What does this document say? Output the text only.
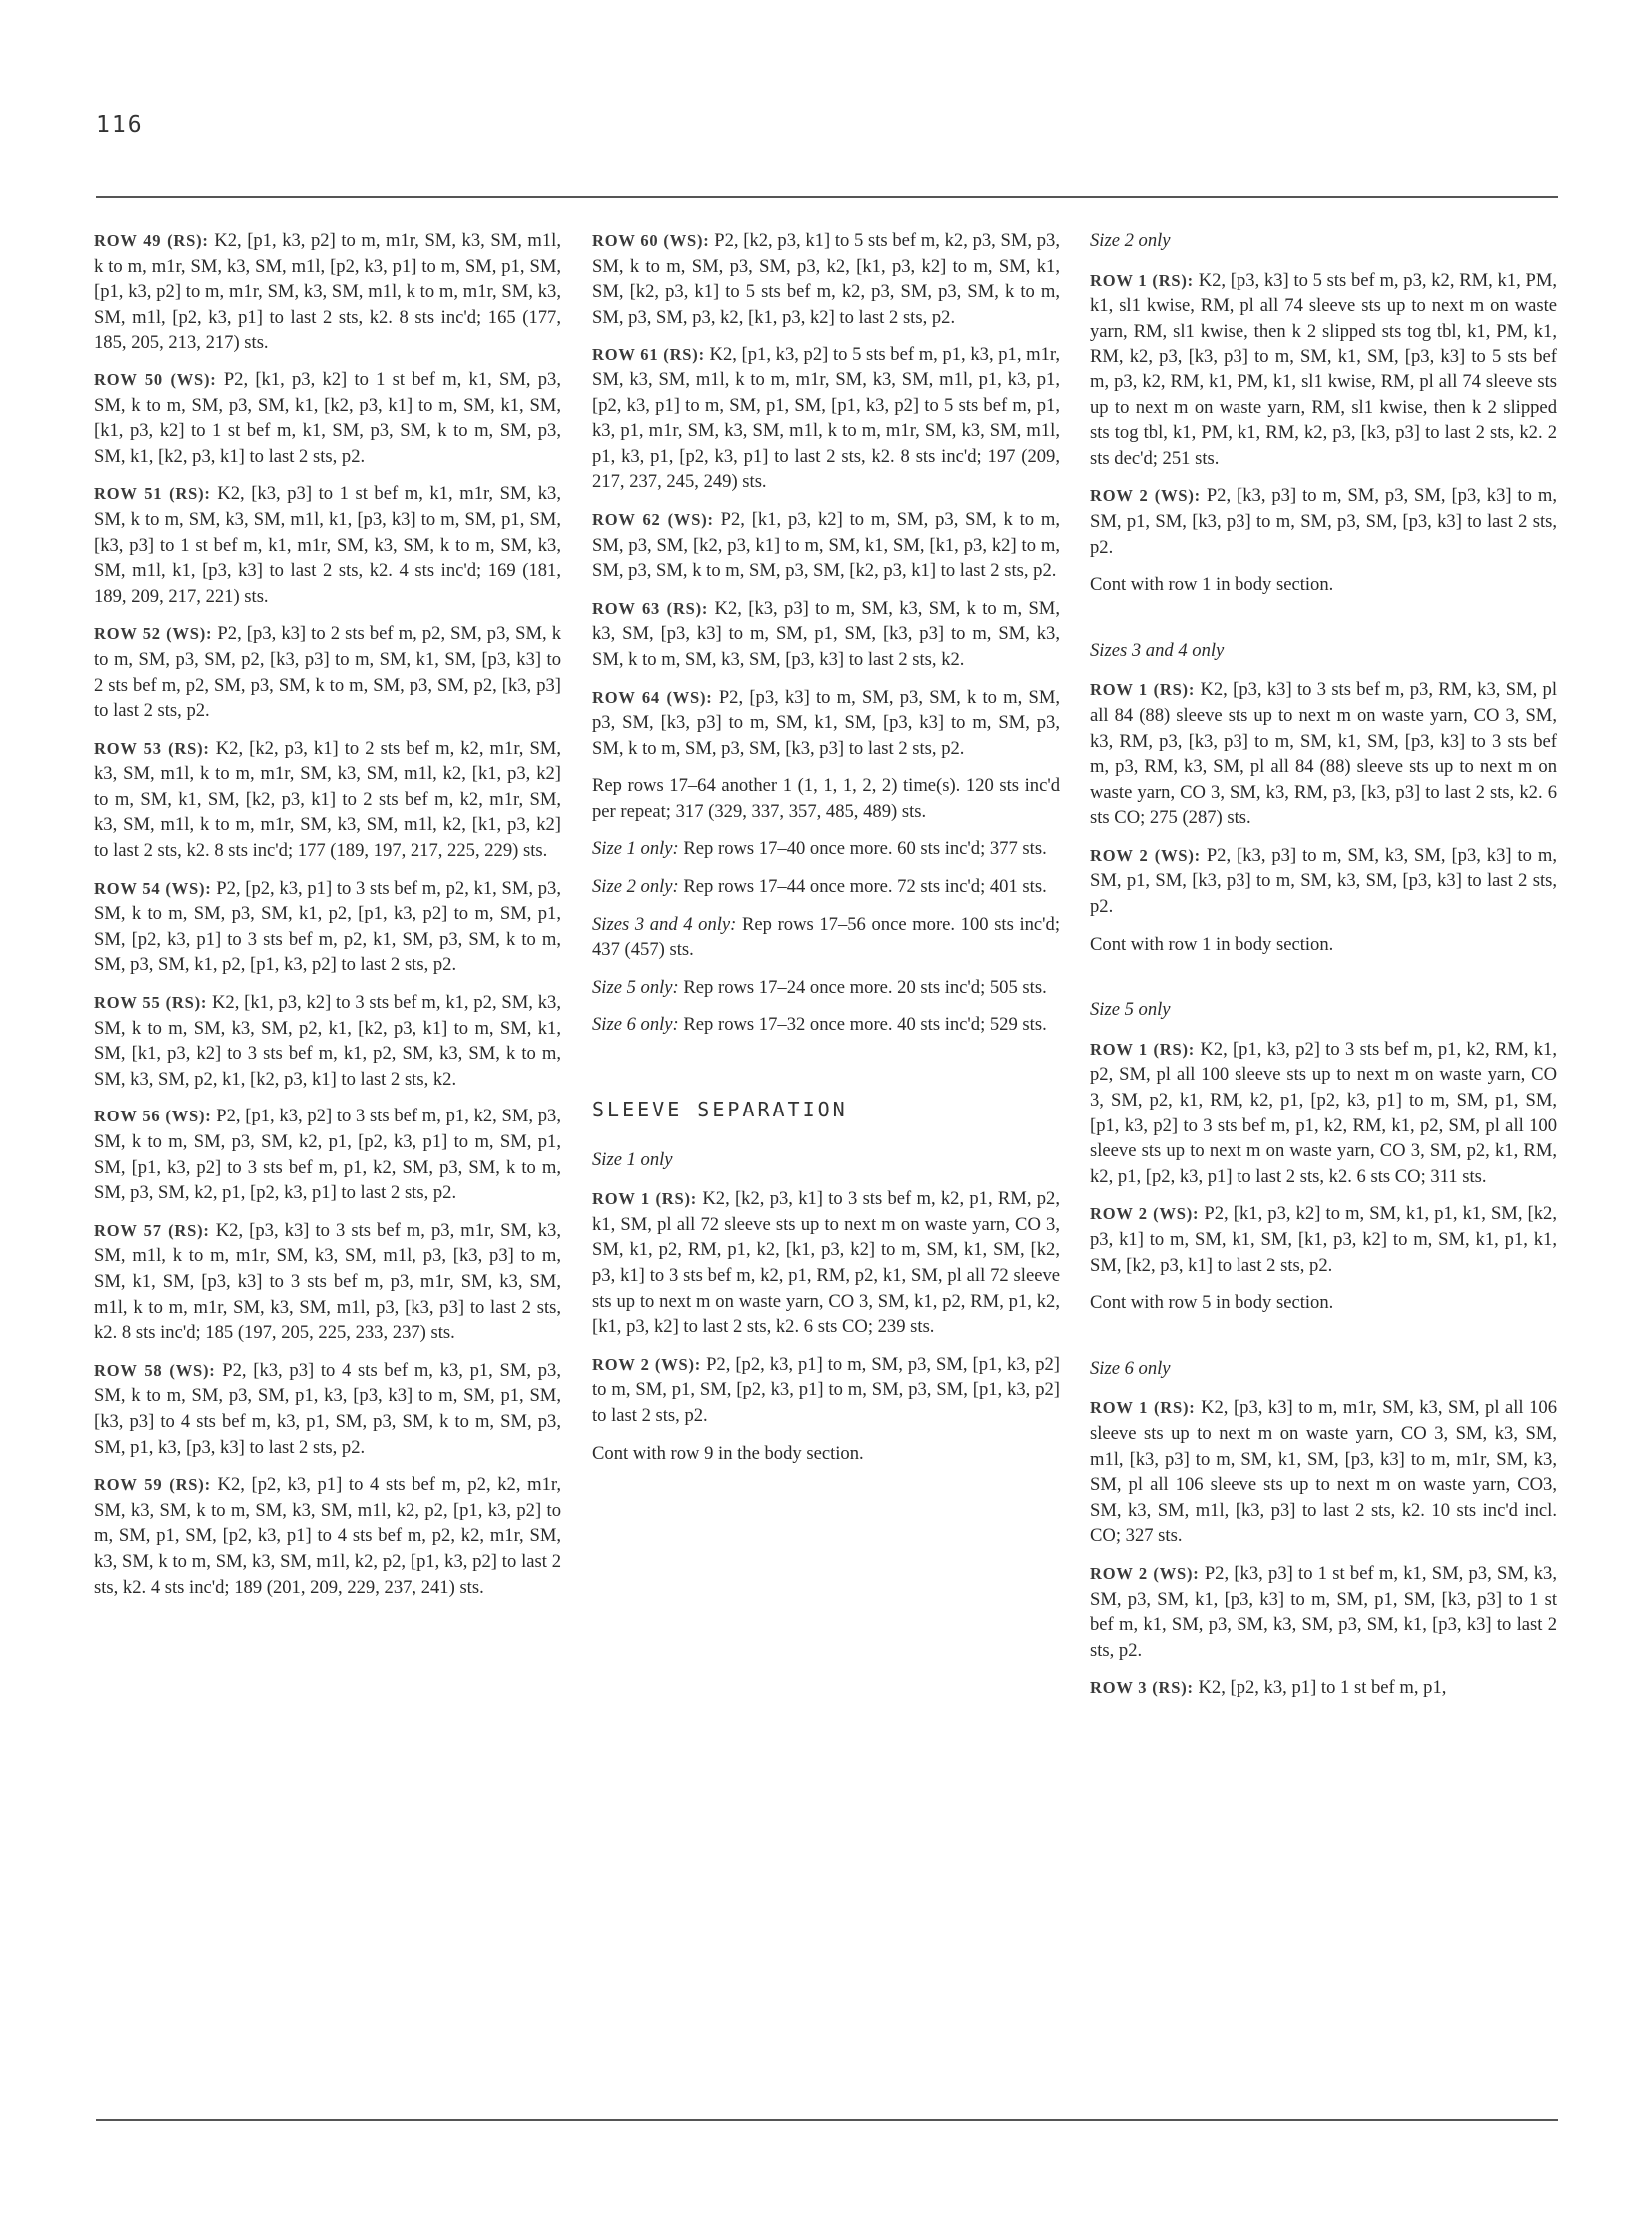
116

ROW 49 (RS): K2, [p1, k3, p2] to m, m1r, SM, k3, SM, m1l, k to m, m1r, SM, k3, SM, m1l, [p2, k3, p1] to m, SM, p1, SM, [p1, k3, p2] to m, m1r, SM, k3, SM, m1l, k to m, m1r, SM, k3, SM, m1l, [p2, k3, p1] to last 2 sts, k2. 8 sts inc'd; 165 (177, 185, 205, 213, 217) sts.

ROW 50 (WS): P2, [k1, p3, k2] to 1 st bef m, k1, SM, p3, SM, k to m, SM, p3, SM, k1, [k2, p3, k1] to m, SM, k1, SM, [k1, p3, k2] to 1 st bef m, k1, SM, p3, SM, k to m, SM, p3, SM, k1, [k2, p3, k1] to last 2 sts, p2.

ROW 51 (RS): K2, [k3, p3] to 1 st bef m, k1, m1r, SM, k3, SM, k to m, SM, k3, SM, m1l, k1, [p3, k3] to m, SM, p1, SM, [k3, p3] to 1 st bef m, k1, m1r, SM, k3, SM, k to m, SM, k3, SM, m1l, k1, [p3, k3] to last 2 sts, k2. 4 sts inc'd; 169 (181, 189, 209, 217, 221) sts.

ROW 52 (WS): P2, [p3, k3] to 2 sts bef m, p2, SM, p3, SM, k to m, SM, p3, SM, p2, [k3, p3] to m, SM, k1, SM, [p3, k3] to 2 sts bef m, p2, SM, p3, SM, k to m, SM, p3, SM, p2, [k3, p3] to last 2 sts, p2.

ROW 53 (RS): K2, [k2, p3, k1] to 2 sts bef m, k2, m1r, SM, k3, SM, m1l, k to m, m1r, SM, k3, SM, m1l, k2, [k1, p3, k2] to m, SM, k1, SM, [k2, p3, k1] to 2 sts bef m, k2, m1r, SM, k3, SM, m1l, k to m, m1r, SM, k3, SM, m1l, k2, [k1, p3, k2] to last 2 sts, k2. 8 sts inc'd; 177 (189, 197, 217, 225, 229) sts.

ROW 54 (WS): P2, [p2, k3, p1] to 3 sts bef m, p2, k1, SM, p3, SM, k to m, SM, p3, SM, k1, p2, [p1, k3, p2] to m, SM, p1, SM, [p2, k3, p1] to 3 sts bef m, p2, k1, SM, p3, SM, k to m, SM, p3, SM, k1, p2, [p1, k3, p2] to last 2 sts, p2.

ROW 55 (RS): K2, [k1, p3, k2] to 3 sts bef m, k1, p2, SM, k3, SM, k to m, SM, k3, SM, p2, k1, [k2, p3, k1] to m, SM, k1, SM, [k1, p3, k2] to 3 sts bef m, k1, p2, SM, k3, SM, k to m, SM, k3, SM, p2, k1, [k2, p3, k1] to last 2 sts, k2.

ROW 56 (WS): P2, [p1, k3, p2] to 3 sts bef m, p1, k2, SM, p3, SM, k to m, SM, p3, SM, k2, p1, [p2, k3, p1] to m, SM, p1, SM, [p1, k3, p2] to 3 sts bef m, p1, k2, SM, p3, SM, k to m, SM, p3, SM, k2, p1, [p2, k3, p1] to last 2 sts, p2.

ROW 57 (RS): K2, [p3, k3] to 3 sts bef m, p3, m1r, SM, k3, SM, m1l, k to m, m1r, SM, k3, SM, m1l, p3, [k3, p3] to m, SM, k1, SM, [p3, k3] to 3 sts bef m, p3, m1r, SM, k3, SM, m1l, k to m, m1r, SM, k3, SM, m1l, p3, [k3, p3] to last 2 sts, k2. 8 sts inc'd; 185 (197, 205, 225, 233, 237) sts.

ROW 58 (WS): P2, [k3, p3] to 4 sts bef m, k3, p1, SM, p3, SM, k to m, SM, p3, SM, p1, k3, [p3, k3] to m, SM, p1, SM, [k3, p3] to 4 sts bef m, k3, p1, SM, p3, SM, k to m, SM, p3, SM, p1, k3, [p3, k3] to last 2 sts, p2.

ROW 59 (RS): K2, [p2, k3, p1] to 4 sts bef m, p2, k2, m1r, SM, k3, SM, k to m, SM, k3, SM, m1l, k2, p2, [p1, k3, p2] to m, SM, p1, SM, [p2, k3, p1] to 4 sts bef m, p2, k2, m1r, SM, k3, SM, k to m, SM, k3, SM, m1l, k2, p2, [p1, k3, p2] to last 2 sts, k2. 4 sts inc'd; 189 (201, 209, 229, 237, 241) sts.

ROW 60 (WS): P2, [k2, p3, k1] to 5 sts bef m, k2, p3, SM, p3, SM, k to m, SM, p3, SM, p3, k2, [k1, p3, k2] to m, SM, k1, SM, [k2, p3, k1] to 5 sts bef m, k2, p3, SM, p3, SM, k to m, SM, p3, SM, p3, k2, [k1, p3, k2] to last 2 sts, p2.

ROW 61 (RS): K2, [p1, k3, p2] to 5 sts bef m, p1, k3, p1, m1r, SM, k3, SM, m1l, k to m, m1r, SM, k3, SM, m1l, p1, k3, p1, [p2, k3, p1] to m, SM, p1, SM, [p1, k3, p2] to 5 sts bef m, p1, k3, p1, m1r, SM, k3, SM, m1l, k to m, m1r, SM, k3, SM, m1l, p1, k3, p1, [p2, k3, p1] to last 2 sts, k2. 8 sts inc'd; 197 (209, 217, 237, 245, 249) sts.

ROW 62 (WS): P2, [k1, p3, k2] to m, SM, p3, SM, k to m, SM, p3, SM, [k2, p3, k1] to m, SM, k1, SM, [k1, p3, k2] to m, SM, p3, SM, k to m, SM, p3, SM, [k2, p3, k1] to last 2 sts, p2.

ROW 63 (RS): K2, [k3, p3] to m, SM, k3, SM, k to m, SM, k3, SM, [p3, k3] to m, SM, p1, SM, [k3, p3] to m, SM, k3, SM, k to m, SM, k3, SM, [p3, k3] to last 2 sts, k2.

ROW 64 (WS): P2, [p3, k3] to m, SM, p3, SM, k to m, SM, p3, SM, [k3, p3] to m, SM, k1, SM, [p3, k3] to m, SM, p3, SM, k to m, SM, p3, SM, [k3, p3] to last 2 sts, p2.

Rep rows 17–64 another 1 (1, 1, 1, 2, 2) time(s). 120 sts inc'd per repeat; 317 (329, 337, 357, 485, 489) sts.

Size 1 only: Rep rows 17–40 once more. 60 sts inc'd; 377 sts.

Size 2 only: Rep rows 17–44 once more. 72 sts inc'd; 401 sts.

Sizes 3 and 4 only: Rep rows 17–56 once more. 100 sts inc'd; 437 (457) sts.

Size 5 only: Rep rows 17–24 once more. 20 sts inc'd; 505 sts.

Size 6 only: Rep rows 17–32 once more. 40 sts inc'd; 529 sts.

SLEEVE SEPARATION

Size 1 only

ROW 1 (RS): K2, [k2, p3, k1] to 3 sts bef m, k2, p1, RM, p2, k1, SM, pl all 72 sleeve sts up to next m on waste yarn, CO 3, SM, k1, p2, RM, p1, k2, [k1, p3, k2] to m, SM, k1, SM, [k2, p3, k1] to 3 sts bef m, k2, p1, RM, p2, k1, SM, pl all 72 sleeve sts up to next m on waste yarn, CO 3, SM, k1, p2, RM, p1, k2, [k1, p3, k2] to last 2 sts, k2. 6 sts CO; 239 sts.

ROW 2 (WS): P2, [p2, k3, p1] to m, SM, p3, SM, [p1, k3, p2] to m, SM, p1, SM, [p2, k3, p1] to m, SM, p3, SM, [p1, k3, p2] to last 2 sts, p2.

Cont with row 9 in the body section.

Size 2 only

ROW 1 (RS): K2, [p3, k3] to 5 sts bef m, p3, k2, RM, k1, PM, k1, sl1 kwise, RM, pl all 74 sleeve sts up to next m on waste yarn, RM, sl1 kwise, then k 2 slipped sts tog tbl, k1, PM, k1, RM, k2, p3, [k3, p3] to m, SM, k1, SM, [p3, k3] to 5 sts bef m, p3, k2, RM, k1, PM, k1, sl1 kwise, RM, pl all 74 sleeve sts up to next m on waste yarn, RM, sl1 kwise, then k 2 slipped sts tog tbl, k1, PM, k1, RM, k2, p3, [k3, p3] to last 2 sts, k2. 2 sts dec'd; 251 sts.

ROW 2 (WS): P2, [k3, p3] to m, SM, p3, SM, [p3, k3] to m, SM, p1, SM, [k3, p3] to m, SM, p3, SM, [p3, k3] to last 2 sts, p2.

Cont with row 1 in body section.

Sizes 3 and 4 only

ROW 1 (RS): K2, [p3, k3] to 3 sts bef m, p3, RM, k3, SM, pl all 84 (88) sleeve sts up to next m on waste yarn, CO 3, SM, k3, RM, p3, [k3, p3] to m, SM, k1, SM, [p3, k3] to 3 sts bef m, p3, RM, k3, SM, pl all 84 (88) sleeve sts up to next m on waste yarn, CO 3, SM, k3, RM, p3, [k3, p3] to last 2 sts, k2. 6 sts CO; 275 (287) sts.

ROW 2 (WS): P2, [k3, p3] to m, SM, k3, SM, [p3, k3] to m, SM, p1, SM, [k3, p3] to m, SM, k3, SM, [p3, k3] to last 2 sts, p2.

Cont with row 1 in body section.

Size 5 only

ROW 1 (RS): K2, [p1, k3, p2] to 3 sts bef m, p1, k2, RM, k1, p2, SM, pl all 100 sleeve sts up to next m on waste yarn, CO 3, SM, p2, k1, RM, k2, p1, [p2, k3, p1] to m, SM, p1, SM, [p1, k3, p2] to 3 sts bef m, p1, k2, RM, k1, p2, SM, pl all 100 sleeve sts up to next m on waste yarn, CO 3, SM, p2, k1, RM, k2, p1, [p2, k3, p1] to last 2 sts, k2. 6 sts CO; 311 sts.

ROW 2 (WS): P2, [k1, p3, k2] to m, SM, k1, p1, k1, SM, [k2, p3, k1] to m, SM, k1, SM, [k1, p3, k2] to m, SM, k1, p1, k1, SM, [k2, p3, k1] to last 2 sts, p2.

Cont with row 5 in body section.

Size 6 only

ROW 1 (RS): K2, [p3, k3] to m, m1r, SM, k3, SM, pl all 106 sleeve sts up to next m on waste yarn, CO 3, SM, k3, SM, m1l, [k3, p3] to m, SM, k1, SM, [p3, k3] to m, m1r, SM, k3, SM, pl all 106 sleeve sts up to next m on waste yarn, CO3, SM, k3, SM, m1l, [k3, p3] to last 2 sts, k2. 10 sts inc'd incl. CO; 327 sts.

ROW 2 (WS): P2, [k3, p3] to 1 st bef m, k1, SM, p3, SM, k3, SM, p3, SM, k1, [p3, k3] to m, SM, p1, SM, [k3, p3] to 1 st bef m, k1, SM, p3, SM, k3, SM, p3, SM, k1, [p3, k3] to last 2 sts, p2.

ROW 3 (RS): K2, [p2, k3, p1] to 1 st bef m, p1,
